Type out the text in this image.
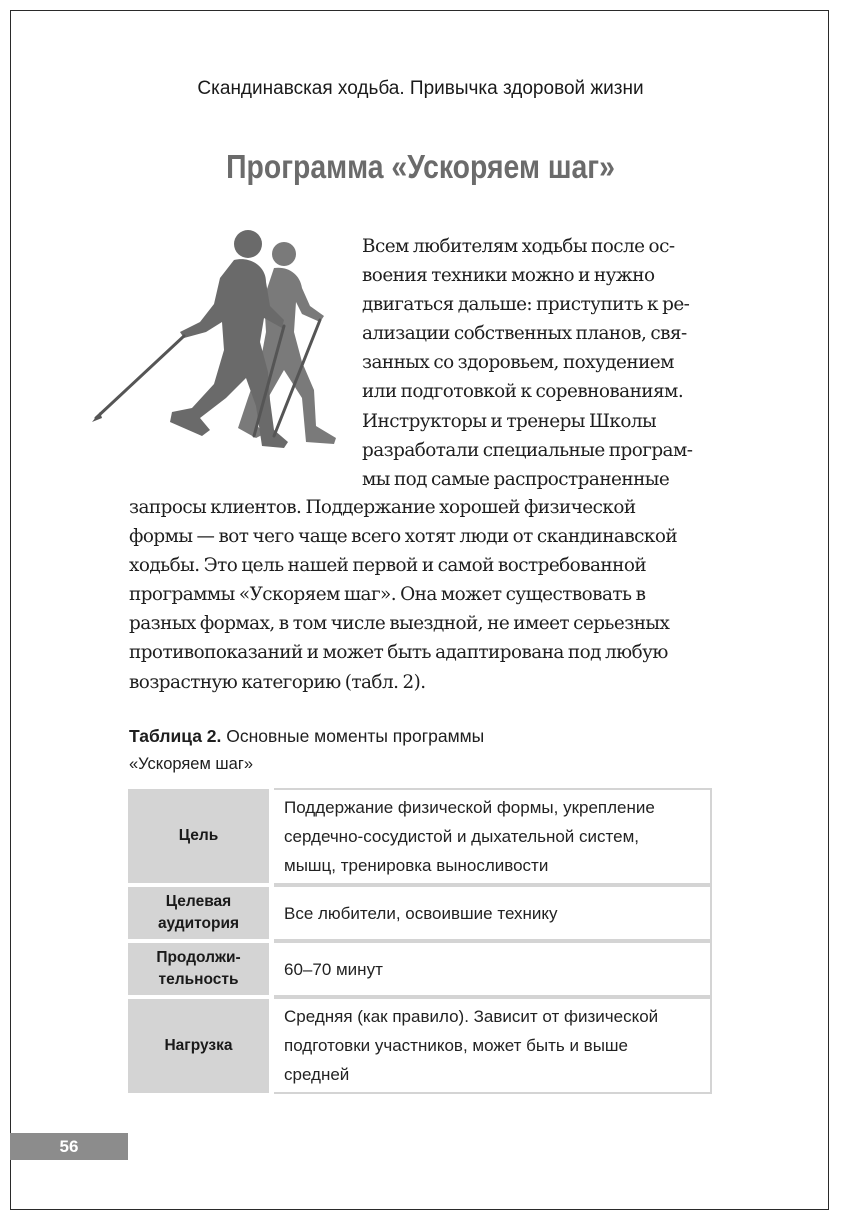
Скандинавская ходьба. Привычка здоровой жизни
Программа «Ускоряем шаг»
Всем любителям ходьбы после ос-
воения техники можно и нужно
двигаться дальше: приступить к ре-
ализации собственных планов, свя-
занных со здоровьем, похудением
или подготовкой к соревнованиям.
Инструкторы и тренеры Школы
разработали специальные програм-
мы под самые распространенные
запросы клиентов. Поддержание хорошей физической
формы — вот чего чаще всего хотят люди от скандинавской
ходьбы. Это цель нашей первой и самой востребованной
программы «Ускоряем шаг». Она может существовать в
разных формах, в том числе выездной, не имеет серьезных
противопоказаний и может быть адаптирована под любую
возрастную категорию (табл. 2).
Таблица 2. Основные моменты программы
«Ускоряем шаг»
Цель	Поддержание физической формы, укрепление
сердечно-сосудистой и дыхательной систем,
мышц, тренировка выносливости

Целевая
аудитория	Все любители, освоившие технику

Продолжи-
тельность	60–70 минут

Нагрузка	Средняя (как правило). Зависит от физической
подготовки участников, может быть и выше
средней
56
